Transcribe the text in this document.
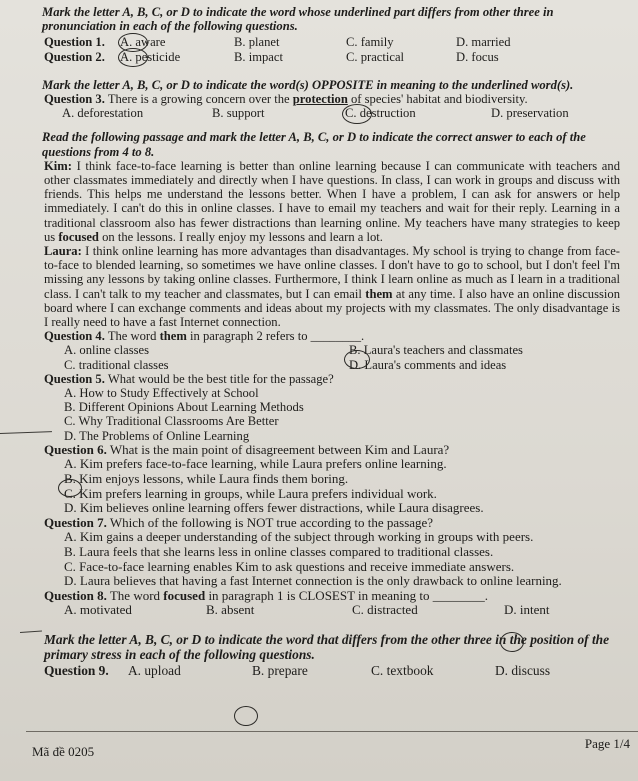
Mark the letter A, B, C, or D to indicate the word whose underlined part differs from other three in pronunciation in each of the following questions.
Question 1.	A. aware	B. planet	C. family	D. married
Question 2.	A. pesticide	B. impact	C. practical	D. focus
Mark the letter A, B, C, or D to indicate the word(s) OPPOSITE in meaning to the underlined word(s).
Question 3. There is a growing concern over the protection of species' habitat and biodiversity.
A. deforestation	B. support	C. destruction	D. preservation
Read the following passage and mark the letter A, B, C, or D to indicate the correct answer to each of the questions from 4 to 8.

Kim: I think face-to-face learning is better than online learning because I can communicate with teachers and other classmates immediately and directly when I have questions. In class, I can work in groups and discuss with friends. This helps me understand the lessons better. When I have a problem, I can ask for answers or help immediately. I can't do this in online classes. I have to email my teachers and wait for their reply. Learning in a traditional classroom also has fewer distractions than learning online. My teachers have many strategies to keep us focused on the lessons. I really enjoy my lessons and learn a lot.

Laura: I think online learning has more advantages than disadvantages. My school is trying to change from face-to-face to blended learning, so sometimes we have online classes. I don't have to go to school, but I don't feel I'm missing any lessons by taking online classes. Furthermore, I think I learn online as much as I learn in a traditional class. I can't talk to my teacher and classmates, but I can email them at any time. I also have an online discussion board where I can exchange comments and ideas about my projects with my classmates. The only disadvantage is I really need to have a fast Internet connection.

Question 4. The word them in paragraph 2 refers to ________.
A. online classes	B. Laura's teachers and classmates
C. traditional classes	D. Laura's comments and ideas
Question 5. What would be the best title for the passage?
A. How to Study Effectively at School
B. Different Opinions About Learning Methods
C. Why Traditional Classrooms Are Better
D. The Problems of Online Learning
Question 6. What is the main point of disagreement between Kim and Laura?
A. Kim prefers face-to-face learning, while Laura prefers online learning.
B. Kim enjoys lessons, while Laura finds them boring.
C. Kim prefers learning in groups, while Laura prefers individual work.
D. Kim believes online learning offers fewer distractions, while Laura disagrees.
Question 7. Which of the following is NOT true according to the passage?
A. Kim gains a deeper understanding of the subject through working in groups with peers.
B. Laura feels that she learns less in online classes compared to traditional classes.
C. Face-to-face learning enables Kim to ask questions and receive immediate answers.
D. Laura believes that having a fast Internet connection is the only drawback to online learning.
Question 8. The word focused in paragraph 1 is CLOSEST in meaning to ________.
A. motivated	B. absent	C. distracted	D. intent
Mark the letter A, B, C, or D to indicate the word that differs from the other three in the position of the primary stress in each of the following questions.
Question 9.	A. upload	B. prepare	C. textbook	D. discuss
Mã đề 0205
Page 1/4
